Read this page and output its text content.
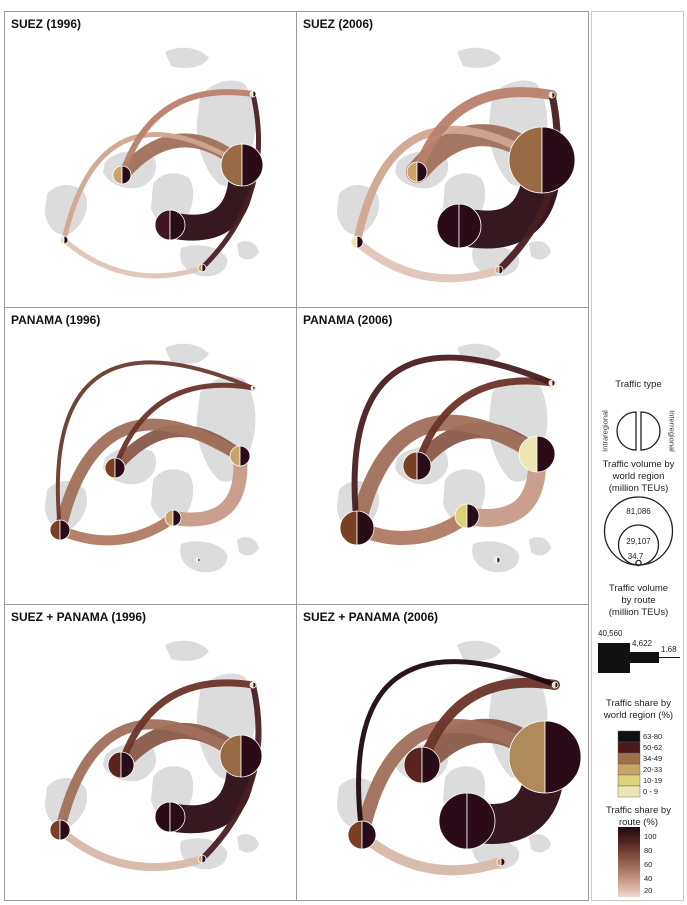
SUEZ (1996)	SUEZ (2006)
PANAMA (1996)	PANAMA (2006)
SUEZ + PANAMA (1996)	SUEZ + PANAMA (2006)
Traffic type
Intraregional	Interregional
Traffic volume by
world region
(million TEUs)
81,086
29,107
34.7
Traffic volume
by route
(million TEUs)
40,560
4,622
1.68
Traffic share by
world region (%)
63-80
50-62
34-49
20-33
10-19
0 - 9
Traffic share by
route (%)
100
80
60
40
20
